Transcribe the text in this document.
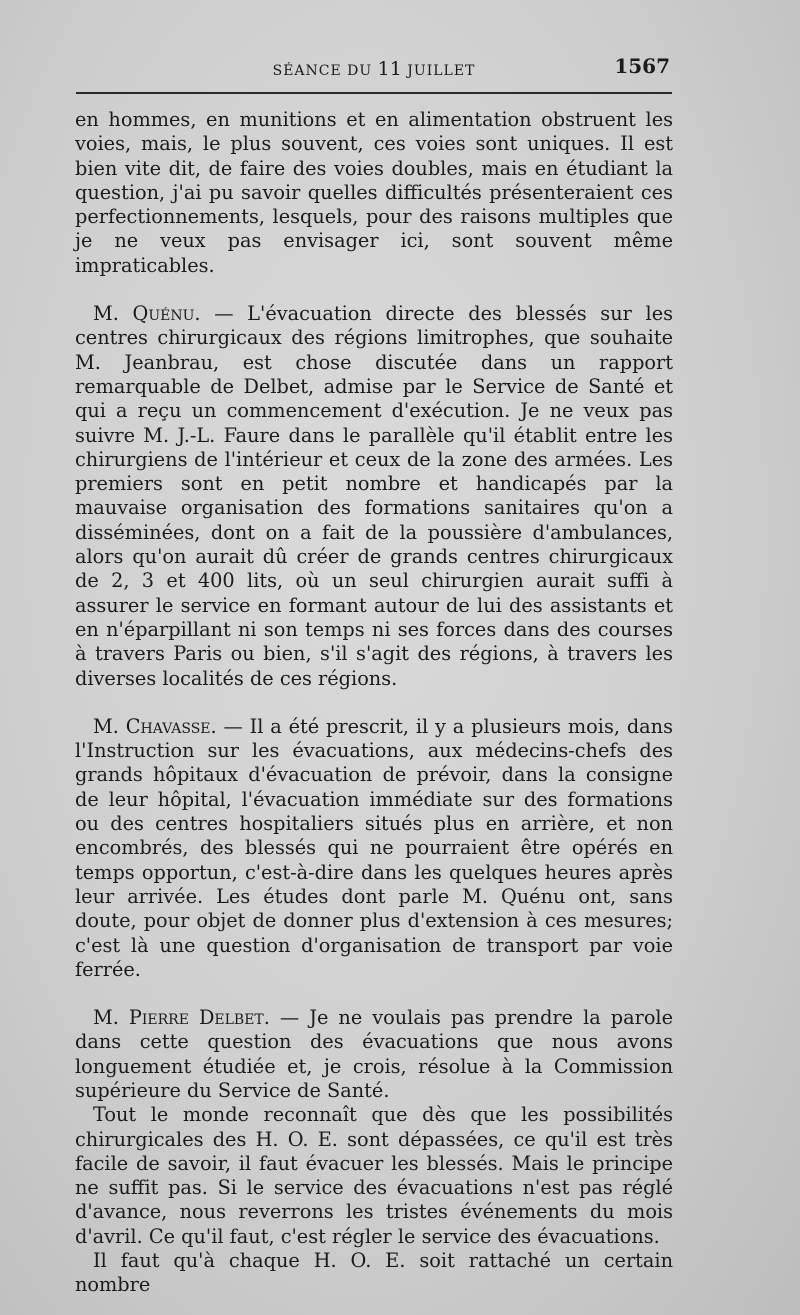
SÉANCE DU 11 JUILLET	1567

en hommes, en munitions et en alimentation obstruent les voies, mais, le plus souvent, ces voies sont uniques. Il est bien vite dit, de faire des voies doubles, mais en étudiant la question, j'ai pu savoir quelles difficultés présenteraient ces perfectionnements, lesquels, pour des raisons multiples que je ne veux pas envisager ici, sont souvent même impraticables.

M. Quénu. — L'évacuation directe des blessés sur les centres chirurgicaux des régions limitrophes, que souhaite M. Jeanbrau, est chose discutée dans un rapport remarquable de Delbet, admise par le Service de Santé et qui a reçu un commencement d'exécution. Je ne veux pas suivre M. J.-L. Faure dans le parallèle qu'il établit entre les chirurgiens de l'intérieur et ceux de la zone des armées. Les premiers sont en petit nombre et handicapés par la mauvaise organisation des formations sanitaires qu'on a disséminées, dont on a fait de la poussière d'ambulances, alors qu'on aurait dû créer de grands centres chirurgicaux de 2, 3 et 400 lits, où un seul chirurgien aurait suffi à assurer le service en formant autour de lui des assistants et en n'éparpillant ni son temps ni ses forces dans des courses à travers Paris ou bien, s'il s'agit des régions, à travers les diverses localités de ces régions.

M. Chavasse. — Il a été prescrit, il y a plusieurs mois, dans l'Instruction sur les évacuations, aux médecins-chefs des grands hôpitaux d'évacuation de prévoir, dans la consigne de leur hôpital, l'évacuation immédiate sur des formations ou des centres hospitaliers situés plus en arrière, et non encombrés, des blessés qui ne pourraient être opérés en temps opportun, c'est-à-dire dans les quelques heures après leur arrivée. Les études dont parle M. Quénu ont, sans doute, pour objet de donner plus d'extension à ces mesures; c'est là une question d'organisation de transport par voie ferrée.

M. Pierre Delbet. — Je ne voulais pas prendre la parole dans cette question des évacuations que nous avons longuement étudiée et, je crois, résolue à la Commission supérieure du Service de Santé.

Tout le monde reconnaît que dès que les possibilités chirurgicales des H. O. E. sont dépassées, ce qu'il est très facile de savoir, il faut évacuer les blessés. Mais le principe ne suffit pas. Si le service des évacuations n'est pas réglé d'avance, nous reverrons les tristes événements du mois d'avril. Ce qu'il faut, c'est régler le service des évacuations.

Il faut qu'à chaque H. O. E. soit rattaché un certain nombre
